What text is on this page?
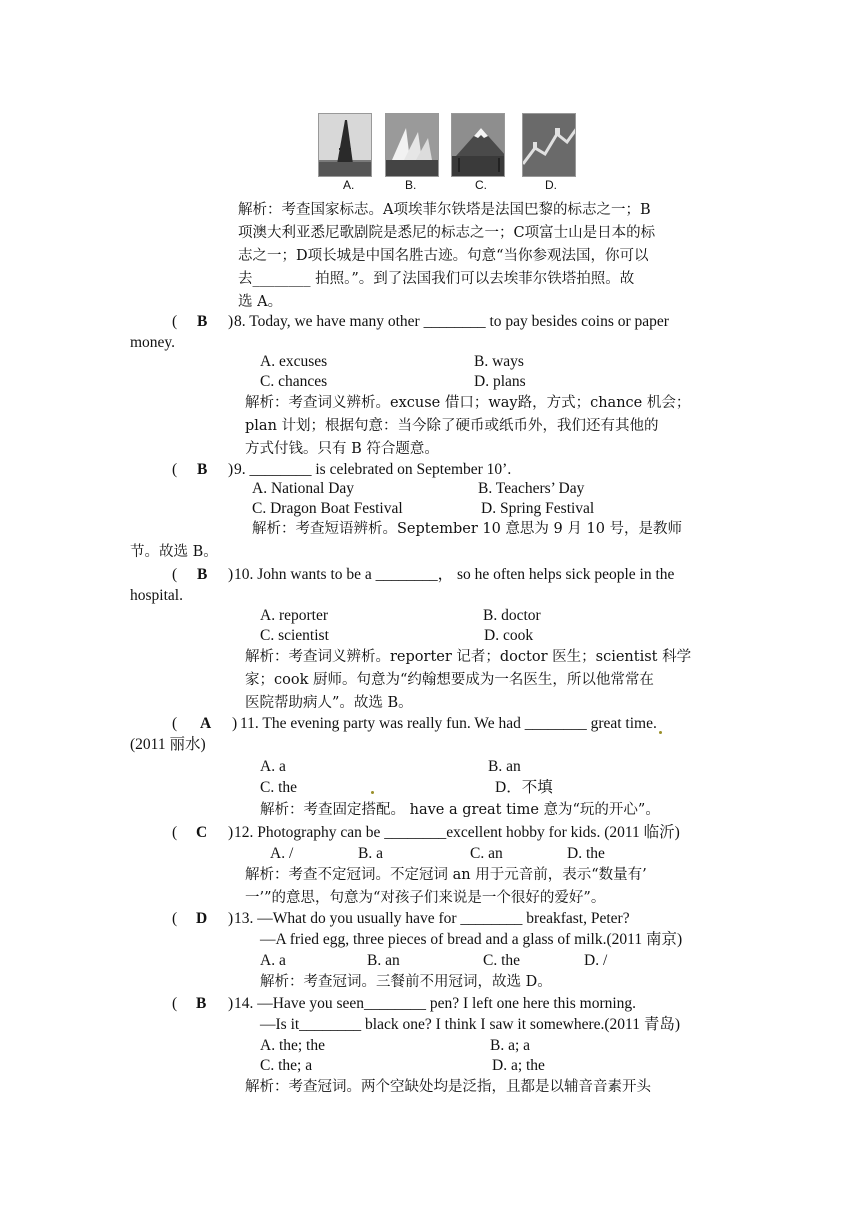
A.	B.	C.	D.
解析：考查国家标志。A项埃菲尔铁塔是法国巴黎的标志之一；B
项澳大利亚悉尼歌剧院是悉尼的标志之一；C项富士山是日本的标
志之一；D项长城是中国名胜古迹。句意“当你参观法国，你可以
去________ 拍照。”。到了法国我们可以去埃菲尔铁塔拍照。故
选 A。
( B ) 8. Today, we have many other ________ to pay besides coins or paper
money.
A. excuses	B. ways
C. chances	D. plans
解析：考查词义辨析。excuse 借口；way路，方式；chance 机会；
plan 计划；根据句意：当今除了硬币或纸币外，我们还有其他的
方式付钱。只有 B 符合题意。
( B ) 9. ________ is celebrated on September 10’.
A. National Day	B. Teachers’ Day
C. Dragon Boat Festival	D. Spring Festival
解析：考查短语辨析。September 10 意思为 9 月 10 号，是教师
节。故选 B。
( B ) 10. John wants to be a ________， so he often helps sick people in the
hospital.
A. reporter	B. doctor
C. scientist	D. cook
解析：考查词义辨析。reporter 记者；doctor 医生；scientist 科学
家；cook 厨师。句意为“约翰想要成为一名医生，所以他常常在
医院帮助病人”。故选 B。
( A ) 11. The evening party was really fun. We had ________ great time.
(2011 丽水)
A. a	B. an
C. the	D．不填
解析：考查固定搭配。 have a great time 意为“玩的开心”。
( C ) 12. Photography can be ________excellent hobby for kids. (2011 临沂)
A. /	B. a	C. an	D. the
解析：考查不定冠词。不定冠词 an 用于元音前，表示“数量有’
一’”的意思，句意为“对孩子们来说是一个很好的爱好”。
( D ) 13. —What do you usually have for ________ breakfast, Peter?
—A fried egg, three pieces of bread and a glass of milk.(2011 南京)
A. a	B. an	C. the	D. /
解析：考查冠词。三餐前不用冠词，故选 D。
( B ) 14. —Have you seen________ pen? I left one here this morning.
—Is it________ black one? I think I saw it somewhere.(2011 青岛)
A. the; the	B. a; a
C. the; a	D. a; the
解析：考查冠词。两个空缺处均是泛指，且都是以辅音音素开头
